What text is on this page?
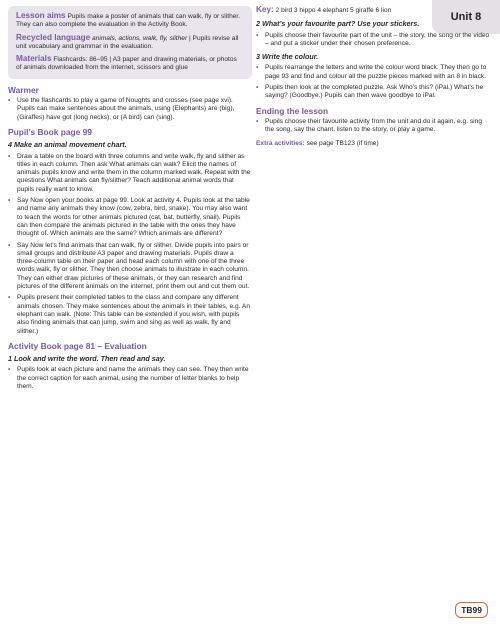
Unit 8

Lesson aims Pupils make a poster of animals that can walk, fly or slither. They can also complete the evaluation in the Activity Book.

Recycled language animals, actions, walk, fly, slither | Pupils revise all unit vocabulary and grammar in the evaluation.

Materials Flashcards: 86–95 | A3 paper and drawing materials, or photos of animals downloaded from the internet, scissors and glue

Warmer
• Use the flashcards to play a game of Noughts and crosses (see page xvi). Pupils can make sentences about the animals, using (Elephants) are (big), (Giraffes) have got (long necks), or (A bird) can (sing).
Pupil’s Book page 99
4 Make an animal movement chart.
• Draw a table on the board with three columns and write walk, fly and slither as titles in each column. Then ask What animals can walk? Elicit the names of animals pupils know and write them in the column marked walk. Repeat with the questions What animals can fly/slither? Teach additional animal words that pupils really want to know.
• Say Now open your books at page 99. Look at activity 4. Pupils look at the table and name any animals they know (cow, zebra, bird, snake). You may also want to teach the words for other animals pictured (cat, bat, butterfly, snail). Pupils can then compare the animals pictured in the table with the ones they have thought of. Which animals are the same? Which animals are different?
• Say Now let’s find animals that can walk, fly or slither. Divide pupils into pairs or small groups and distribute A3 paper and drawing materials. Pupils draw a three-column table on their paper and head each column with one of the three words walk, fly or slither. They then choose animals to illustrate in each column. They can either draw pictures of these animals, or they can research and find pictures of the different animals on the internet, print them out and cut them out.
• Pupils present their completed tables to the class and compare any different animals chosen. They make sentences about the animals in their tables, e.g. An elephant can walk. (Note: This table can be extended if you wish, with pupils also finding animals that can jump, swim and sing as well as walk, fly and slither.)
Activity Book page 81 – Evaluation
1 Look and write the word. Then read and say.
• Pupils look at each picture and name the animals they can see. They then write the correct caption for each animal, using the number of letter blanks to help them.

Key: 2 bird 3 hippo 4 elephant 5 giraffe 6 lion

2 What’s your favourite part? Use your stickers.
• Pupils choose their favourite part of the unit – the story, the song or the video – and put a sticker under their chosen preference.
3 Write the colour.
• Pupils rearrange the letters and write the colour word black. They then go to page 93 and find and colour all the puzzle pieces marked with an 8 in black.
• Pupils then look at the completed puzzle. Ask Who’s this? (iPal.) What’s he saying? (Goodbye.) Pupils can then wave goodbye to iPal.
Ending the lesson
• Pupils choose their favourite activity from the unit and do it again, e.g. sing the song, say the chant, listen to the story, or play a game.

Extra activities: see page TB123 (if time)

TB99
